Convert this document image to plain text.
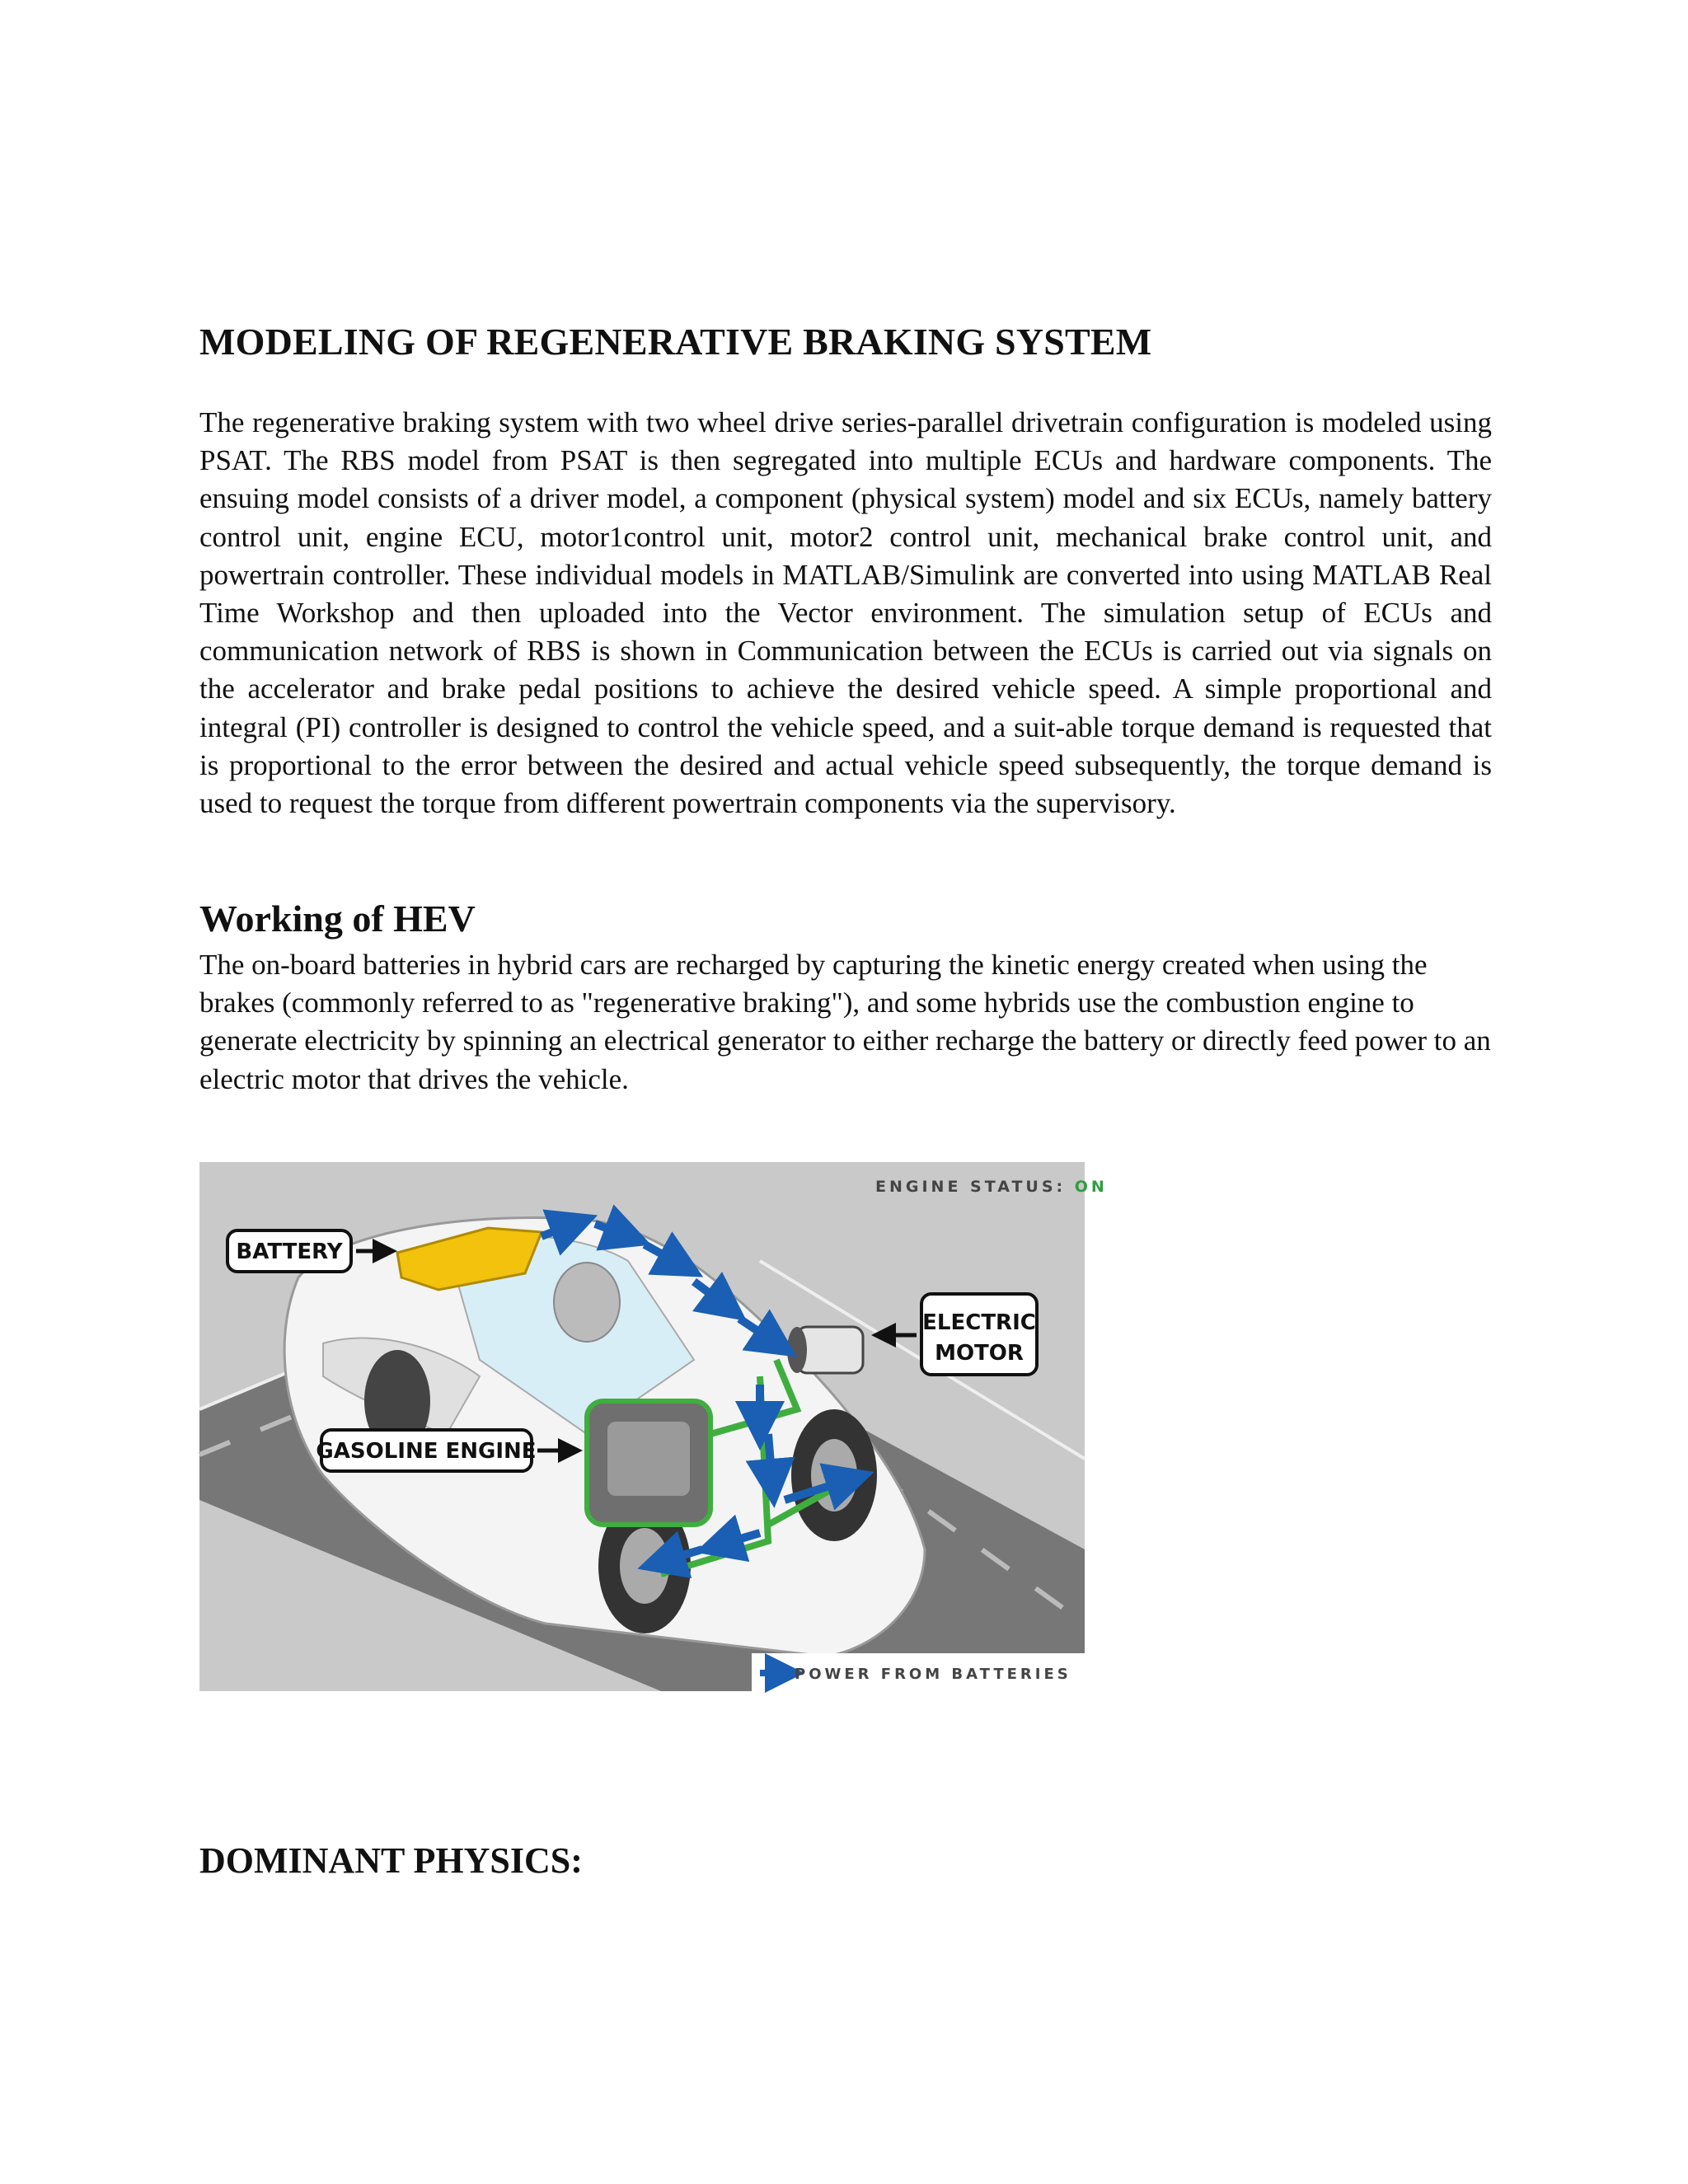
MODELING OF REGENERATIVE BRAKING SYSTEM

The regenerative braking system with two wheel drive series-parallel drivetrain configuration is modeled using PSAT. The RBS model from PSAT is then segregated into multiple ECUs and hardware components. The ensuing model consists of a driver model, a component (physical system) model and six ECUs, namely battery control unit, engine ECU, motor1control unit, motor2 control unit, mechanical brake control unit, and powertrain controller. These individual models in MATLAB/Simulink are converted into using MATLAB Real Time Workshop and then uploaded into the Vector environment. The simulation setup of ECUs and communication network of RBS is shown in Communication between the ECUs is carried out via signals on the accelerator and brake pedal positions to achieve the desired vehicle speed. A simple proportional and integral (PI) controller is designed to control the vehicle speed, and a suit-able torque demand is requested that is proportional to the error between the desired and actual vehicle speed subsequently, the torque demand is used to request the torque from different powertrain components via the supervisory.

Working of HEV

The on-board batteries in hybrid cars are recharged by capturing the kinetic energy created when using the brakes (commonly referred to as "regenerative braking"), and some hybrids use the combustion engine to generate electricity by spinning an electrical generator to either recharge the battery or directly feed power to an electric motor that drives the vehicle.

ENGINE STATUS: ON
BATTERY
ELECTRIC
MOTOR
GASOLINE ENGINE
POWER FROM BATTERIES
DOMINANT PHYSICS:
